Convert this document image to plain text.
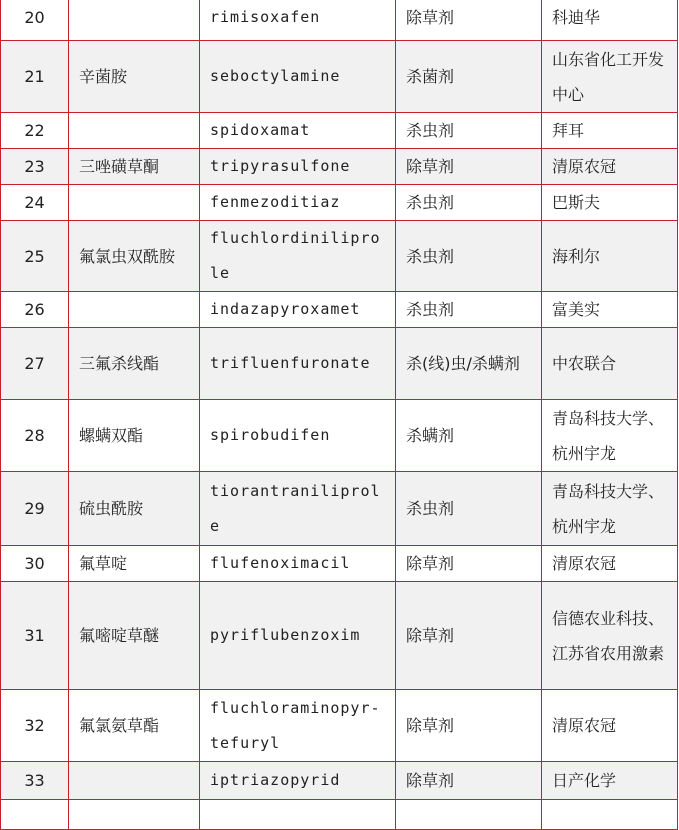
20		rimisoxafen	除草剂	科迪华
21	辛菌胺	seboctylamine	杀菌剂	山东省化工开发中心
22		spidoxamat	杀虫剂	拜耳
23	三唑磺草酮	tripyrasulfone	除草剂	清原农冠
24		fenmezoditiaz	杀虫剂	巴斯夫
25	氟氯虫双酰胺	fluchlordiniliprole	杀虫剂	海利尔
26		indazapyroxamet	杀虫剂	富美实
27	三氟杀线酯	trifluenfuronate	杀(线)虫/杀螨剂	中农联合
28	螺螨双酯	spirobudifen	杀螨剂	青岛科技大学、杭州宇龙
29	硫虫酰胺	tiorantraniliprole	杀虫剂	青岛科技大学、杭州宇龙
30	氟草啶	flufenoximacil	除草剂	清原农冠
31	氟嘧啶草醚	pyriflubenzoxim	除草剂	信德农业科技、江苏省农用激素
32	氟氯氨草酯	fluchloraminopyr-tefuryl	除草剂	清原农冠
33		iptriazopyrid	除草剂	日产化学
